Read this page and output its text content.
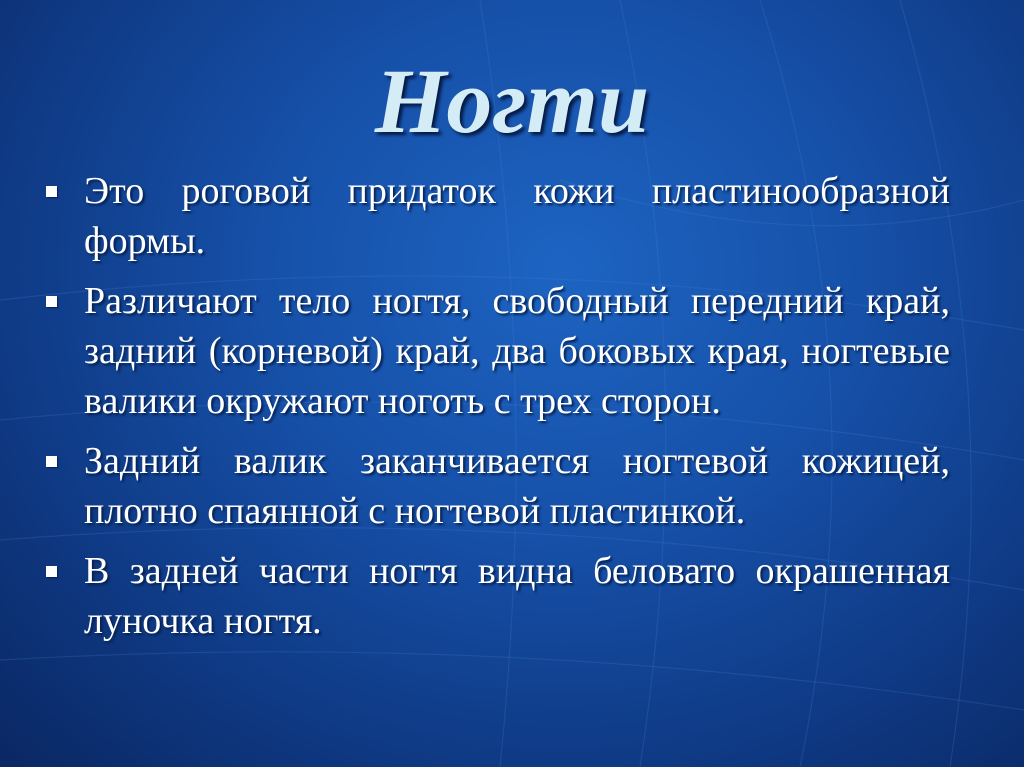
Ногти
Это роговой придаток кожи пластинообразной формы.
Различают тело ногтя, свободный передний край, задний (корневой) край, два боковых края, ногтевые валики окружают ноготь с трех сторон.
Задний валик заканчивается ногтевой кожицей, плотно спаянной с ногтевой пластинкой.
В задней части ногтя видна беловато окрашенная луночка ногтя.
